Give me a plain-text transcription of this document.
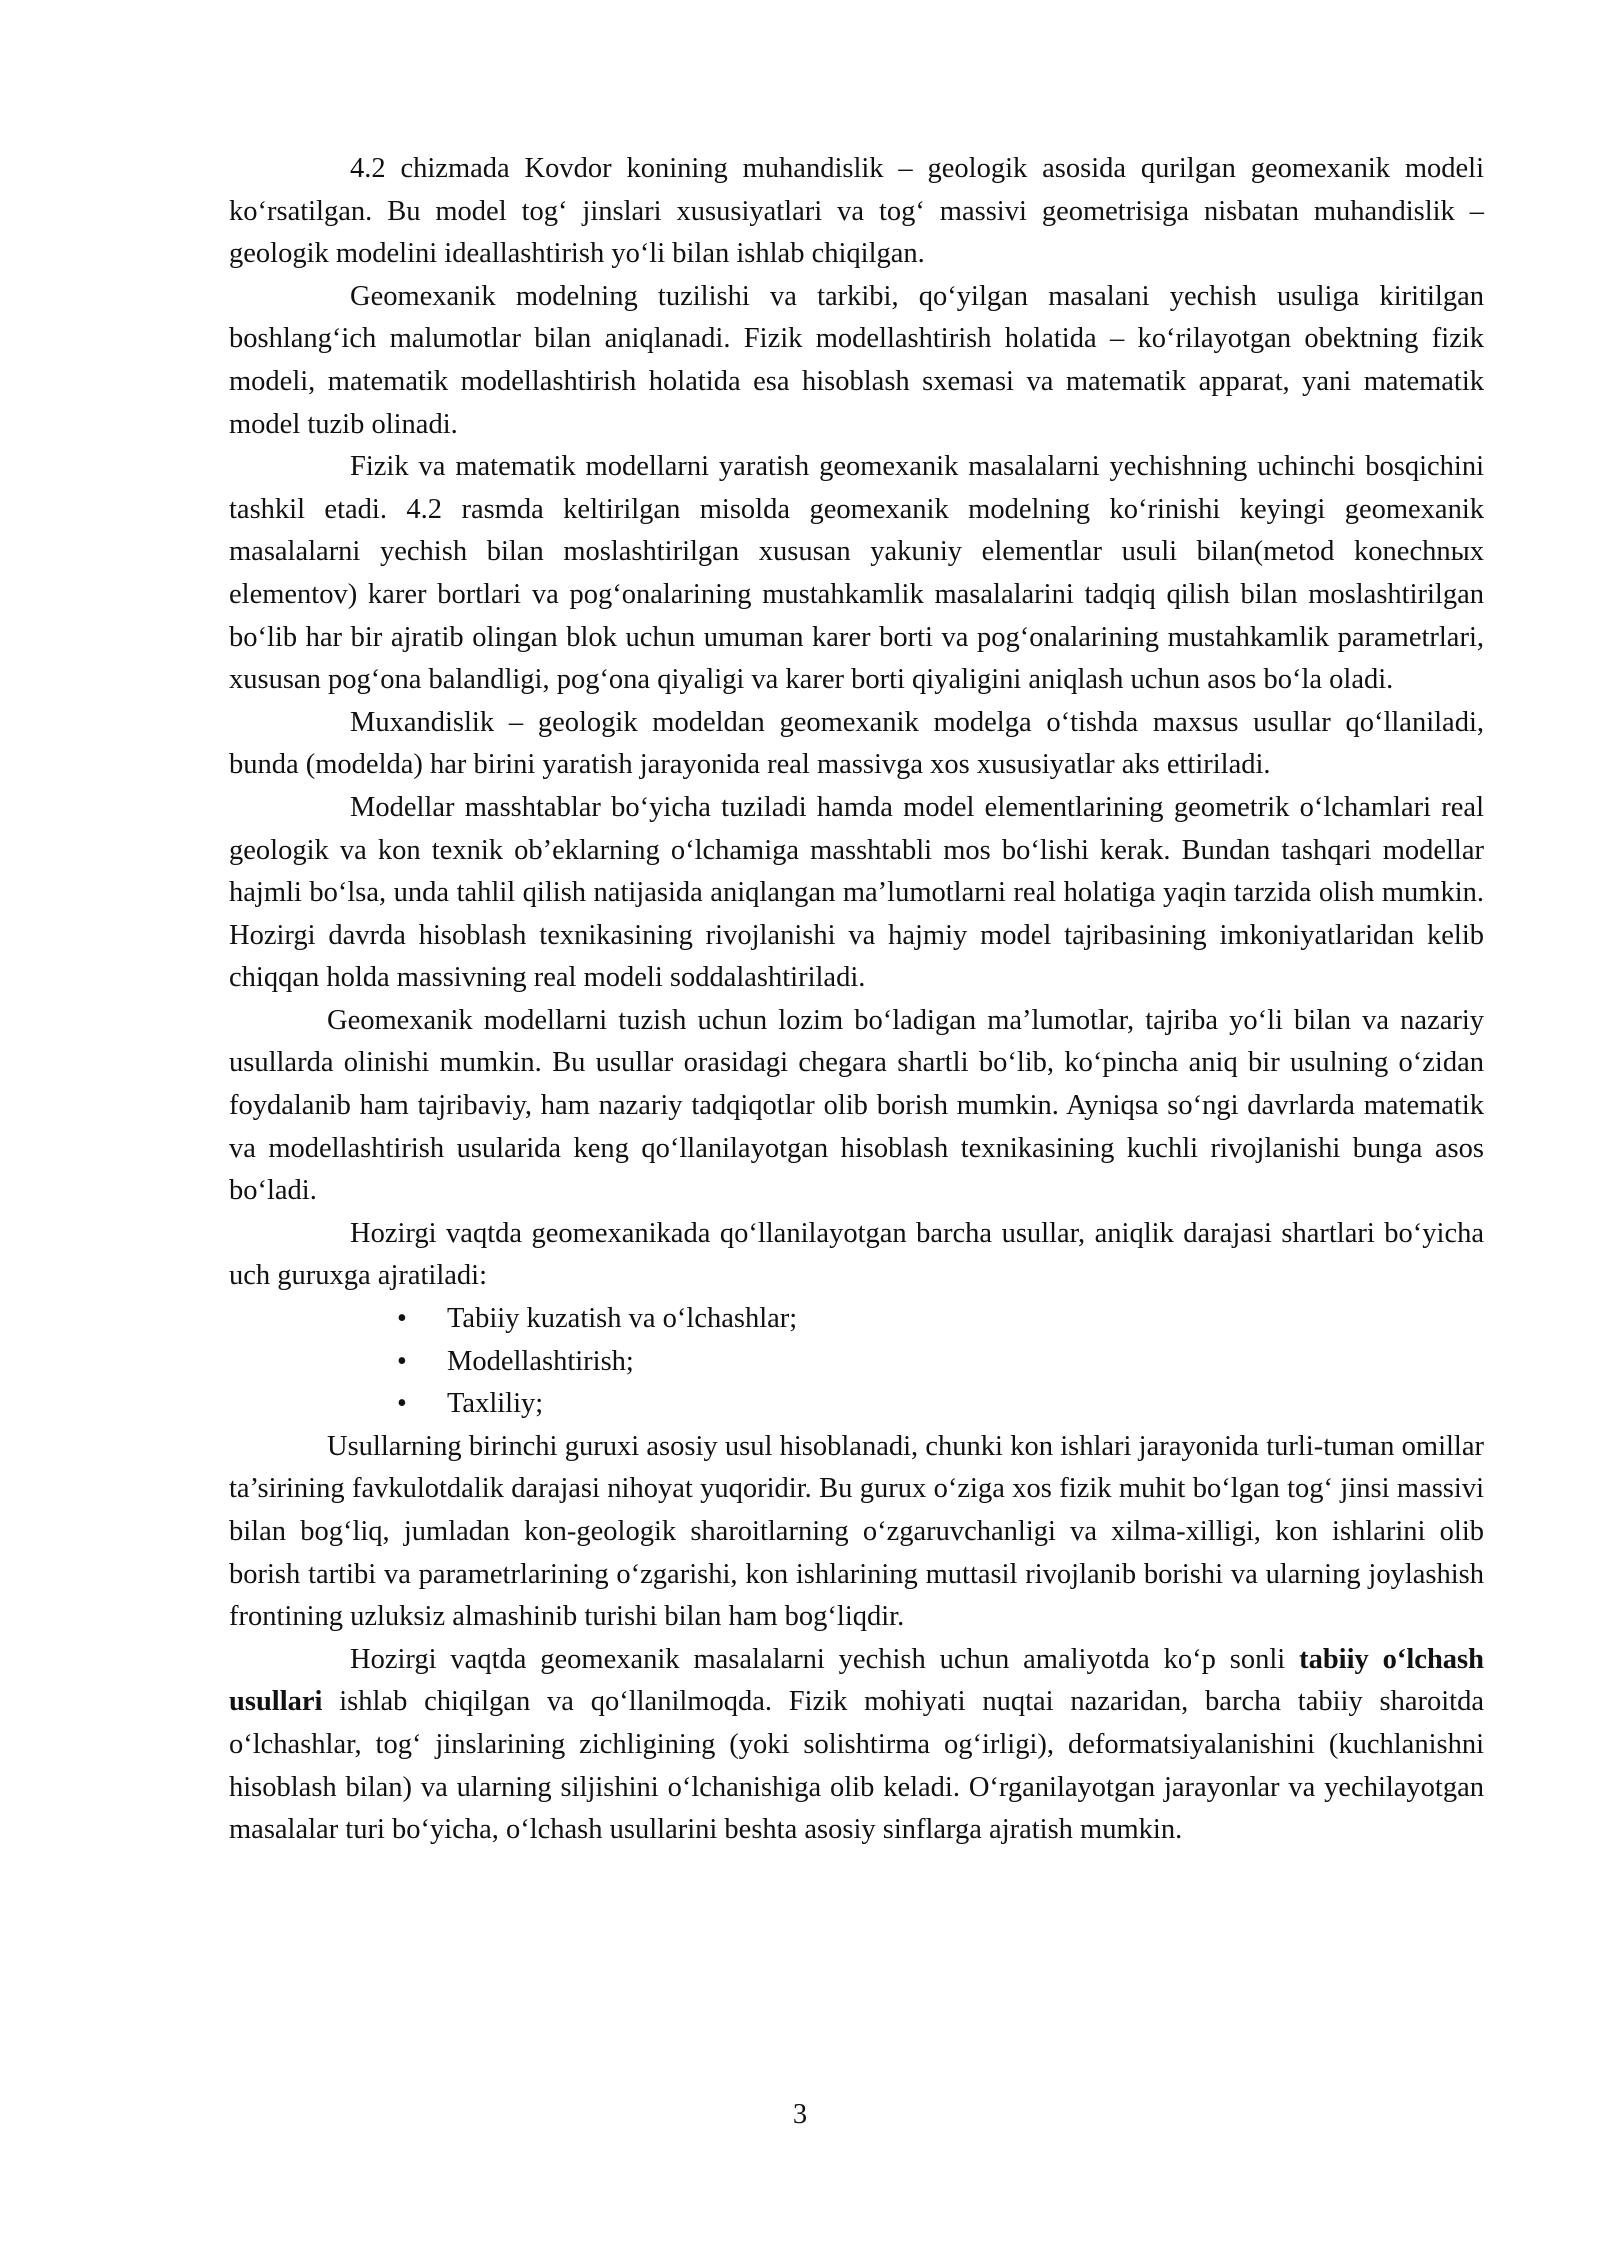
4.2 chizmada Kovdor konining muhandislik – geologik asosida qurilgan geomexanik modeli ko‘rsatilgan. Bu model tog‘ jinslari xususiyatlari va tog‘ massivi geometrisiga nisbatan muhandislik – geologik modelini ideallashtirish yo‘li bilan ishlab chiqilgan.

Geomexanik modelning tuzilishi va tarkibi, qo‘yilgan masalani yechish usuliga kiritilgan boshlang‘ich malumotlar bilan aniqlanadi. Fizik modellashtirish holatida – ko‘rilayotgan obektning fizik modeli, matematik modellashtirish holatida esa hisoblash sxemasi va matematik apparat, yani matematik model tuzib olinadi.

Fizik va matematik modellarni yaratish geomexanik masalalarni yechishning uchinchi bosqichini tashkil etadi. 4.2 rasmda keltirilgan misolda geomexanik modelning ko‘rinishi keyingi geomexanik masalalarni yechish bilan moslashtirilgan xususan yakuniy elementlar usuli bilan(metod konechnых elementov) karer bortlari va pog‘onalarining mustahkamlik masalalarini tadqiq qilish bilan moslashtirilgan bo‘lib har bir ajratib olingan blok uchun umuman karer borti va pog‘onalarining mustahkamlik parametrlari, xususan pog‘ona balandligi, pog‘ona qiyaligi va karer borti qiyaligini aniqlash uchun asos bo‘la oladi.

Muxandislik – geologik modeldan geomexanik modelga o‘tishda maxsus usullar qo‘llaniladi, bunda (modelda) har birini yaratish jarayonida real massivga xos xususiyatlar aks ettiriladi.

Modellar masshtablar bo‘yicha tuziladi hamda model elementlarining geometrik o‘lchamlari real geologik va kon texnik ob’eklarning o‘lchamiga masshtabli mos bo‘lishi kerak. Bundan tashqari modellar hajmli bo‘lsa, unda tahlil qilish natijasida aniqlangan ma’lumotlarni real holatiga yaqin tarzida olish mumkin. Hozirgi davrda hisoblash texnikasining rivojlanishi va hajmiy model tajribasining imkoniyatlaridan kelib chiqqan holda massivning real modeli soddalashtiriladi.

Geomexanik modellarni tuzish uchun lozim bo‘ladigan ma’lumotlar, tajriba yo‘li bilan va nazariy usullarda olinishi mumkin. Bu usullar orasidagi chegara shartli bo‘lib, ko‘pincha aniq bir usulning o‘zidan foydalanib ham tajribaviy, ham nazariy tadqiqotlar olib borish mumkin. Ayniqsa so‘ngi davrlarda matematik va modellashtirish usularida keng qo‘llanilayotgan hisoblash texnikasining kuchli rivojlanishi bunga asos bo‘ladi.

Hozirgi vaqtda geomexanikada qo‘llanilayotgan barcha usullar, aniqlik darajasi shartlari bo‘yicha uch guruxga ajratiladi:

• Tabiiy kuzatish va o‘lchashlar;
• Modellashtirish;
• Taxliliy;

Usullarning birinchi guruxi asosiy usul hisoblanadi, chunki kon ishlari jarayonida turli-tuman omillar ta’sirining favkulotdalik darajasi nihoyat yuqoridir. Bu gurux o‘ziga xos fizik muhit bo‘lgan tog‘ jinsi massivi bilan bog‘liq, jumladan kon-geologik sharoitlarning o‘zgaruvchanligi va xilma-xilligi, kon ishlarini olib borish tartibi va parametrlarining o‘zgarishi, kon ishlarining muttasil rivojlanib borishi va ularning joylashish frontining uzluksiz almashinib turishi bilan ham bog‘liqdir.

Hozirgi vaqtda geomexanik masalalarni yechish uchun amaliyotda ko‘p sonli tabiiy o‘lchash usullari ishlab chiqilgan va qo‘llanilmoqda. Fizik mohiyati nuqtai nazaridan, barcha tabiiy sharoitda o‘lchashlar, tog‘ jinslarining zichligining (yoki solishtirma og‘irligi), deformatsiyalanishini (kuchlanishni hisoblash bilan) va ularning siljishini o‘lchanishiga olib keladi. O‘rganilayotgan jarayonlar va yechilayotgan masalalar turi bo‘yicha, o‘lchash usullarini beshta asosiy sinflarga ajratish mumkin.

3
